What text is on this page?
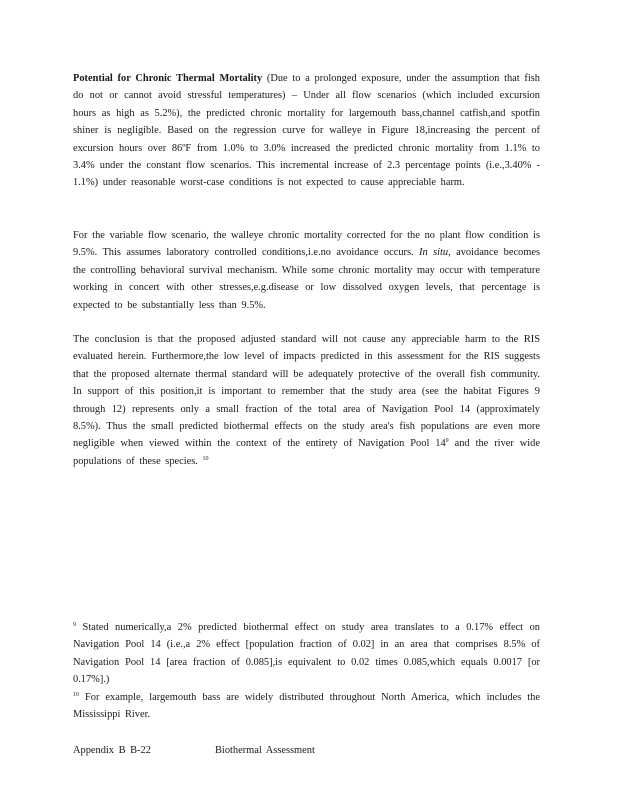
Potential for Chronic Thermal Mortality (Due to a prolonged exposure, under the assumption that fish do not or cannot avoid stressful temperatures) – Under all flow scenarios (which included excursion hours as high as 5.2%), the predicted chronic mortality for largemouth bass,channel catfish,and spotfin shiner is negligible. Based on the regression curve for walleye in Figure 18,increasing the percent of excursion hours over 86ºF from 1.0% to 3.0% increased the predicted chronic mortality from 1.1% to 3.4% under the constant flow scenarios. This incremental increase of 2.3 percentage points (i.e.,3.40% - 1.1%) under reasonable worst-case conditions is not expected to cause appreciable harm.
For the variable flow scenario, the walleye chronic mortality corrected for the no plant flow condition is 9.5%. This assumes laboratory controlled conditions,i.e.no avoidance occurs. In situ, avoidance becomes the controlling behavioral survival mechanism. While some chronic mortality may occur with temperature working in concert with other stresses,e.g.disease or low dissolved oxygen levels, that percentage is expected to be substantially less than 9.5%.
The conclusion is that the proposed adjusted standard will not cause any appreciable harm to the RIS evaluated herein. Furthermore,the low level of impacts predicted in this assessment for the RIS suggests that the proposed alternate thermal standard will be adequately protective of the overall fish community. In support of this position,it is important to remember that the study area (see the habitat Figures 9 through 12) represents only a small fraction of the total area of Navigation Pool 14 (approximately 8.5%). Thus the small predicted biothermal effects on the study area's fish populations are even more negligible when viewed within the context of the entirety of Navigation Pool $14^9$ and the river wide populations of these species. $^{10}$
$^9$ Stated numerically,a 2% predicted biothermal effect on study area translates to a 0.17% effect on Navigation Pool 14 (i.e.,a 2% effect [population fraction of 0.02] in an area that comprises 8.5% of Navigation Pool 14 [area fraction of 0.085],is equivalent to 0.02 times 0.085,which equals 0.0017 [or 0.17%].)
$^{10}$ For example, largemouth bass are widely distributed throughout North America, which includes the Mississippi River.
Appendix B B-22	Biothermal Assessment
